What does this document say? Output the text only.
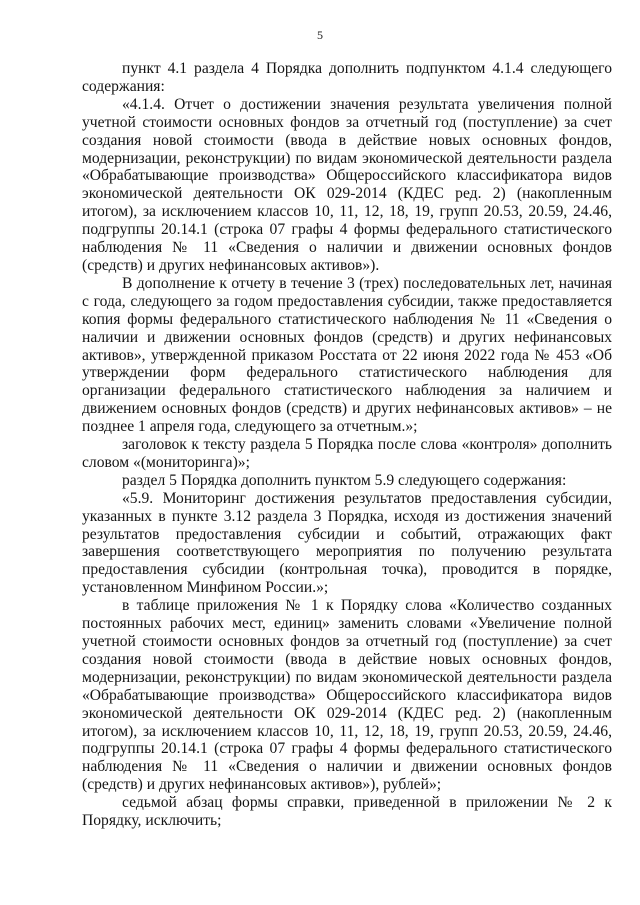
5

пункт 4.1 раздела 4 Порядка дополнить подпунктом 4.1.4 следующего содержания:

«4.1.4. Отчет о достижении значения результата увеличения полной учетной стоимости основных фондов за отчетный год (поступление) за счет создания новой стоимости (ввода в действие новых основных фондов, модернизации, реконструкции) по видам экономической деятельности раздела «Обрабатывающие производства» Общероссийского классификатора видов экономической деятельности ОК 029-2014 (КДЕС ред. 2) (накопленным итогом), за исключением классов 10, 11, 12, 18, 19, групп 20.53, 20.59, 24.46, подгруппы 20.14.1 (строка 07 графы 4 формы федерального статистического наблюдения № 11 «Сведения о наличии и движении основных фондов (средств) и других нефинансовых активов»).

В дополнение к отчету в течение 3 (трех) последовательных лет, начиная с года, следующего за годом предоставления субсидии, также предоставляется копия формы федерального статистического наблюдения № 11 «Сведения о наличии и движении основных фондов (средств) и других нефинансовых активов», утвержденной приказом Росстата от 22 июня 2022 года № 453 «Об утверждении форм федерального статистического наблюдения для организации федерального статистического наблюдения за наличием и движением основных фондов (средств) и других нефинансовых активов» – не позднее 1 апреля года, следующего за отчетным.»;

заголовок к тексту раздела 5 Порядка после слова «контроля» дополнить словом «(мониторинга)»;

раздел 5 Порядка дополнить пунктом 5.9 следующего содержания:

«5.9. Мониторинг достижения результатов предоставления субсидии, указанных в пункте 3.12 раздела 3 Порядка, исходя из достижения значений результатов предоставления субсидии и событий, отражающих факт завершения соответствующего мероприятия по получению результата предоставления субсидии (контрольная точка), проводится в порядке, установленном Минфином России.»;

в таблице приложения № 1 к Порядку слова «Количество созданных постоянных рабочих мест, единиц» заменить словами «Увеличение полной учетной стоимости основных фондов за отчетный год (поступление) за счет создания новой стоимости (ввода в действие новых основных фондов, модернизации, реконструкции) по видам экономической деятельности раздела «Обрабатывающие производства» Общероссийского классификатора видов экономической деятельности ОК 029-2014 (КДЕС ред. 2) (накопленным итогом), за исключением классов 10, 11, 12, 18, 19, групп 20.53, 20.59, 24.46, подгруппы 20.14.1 (строка 07 графы 4 формы федерального статистического наблюдения № 11 «Сведения о наличии и движении основных фондов (средств) и других нефинансовых активов»), рублей»;

седьмой абзац формы справки, приведенной в приложении № 2 к Порядку, исключить;
